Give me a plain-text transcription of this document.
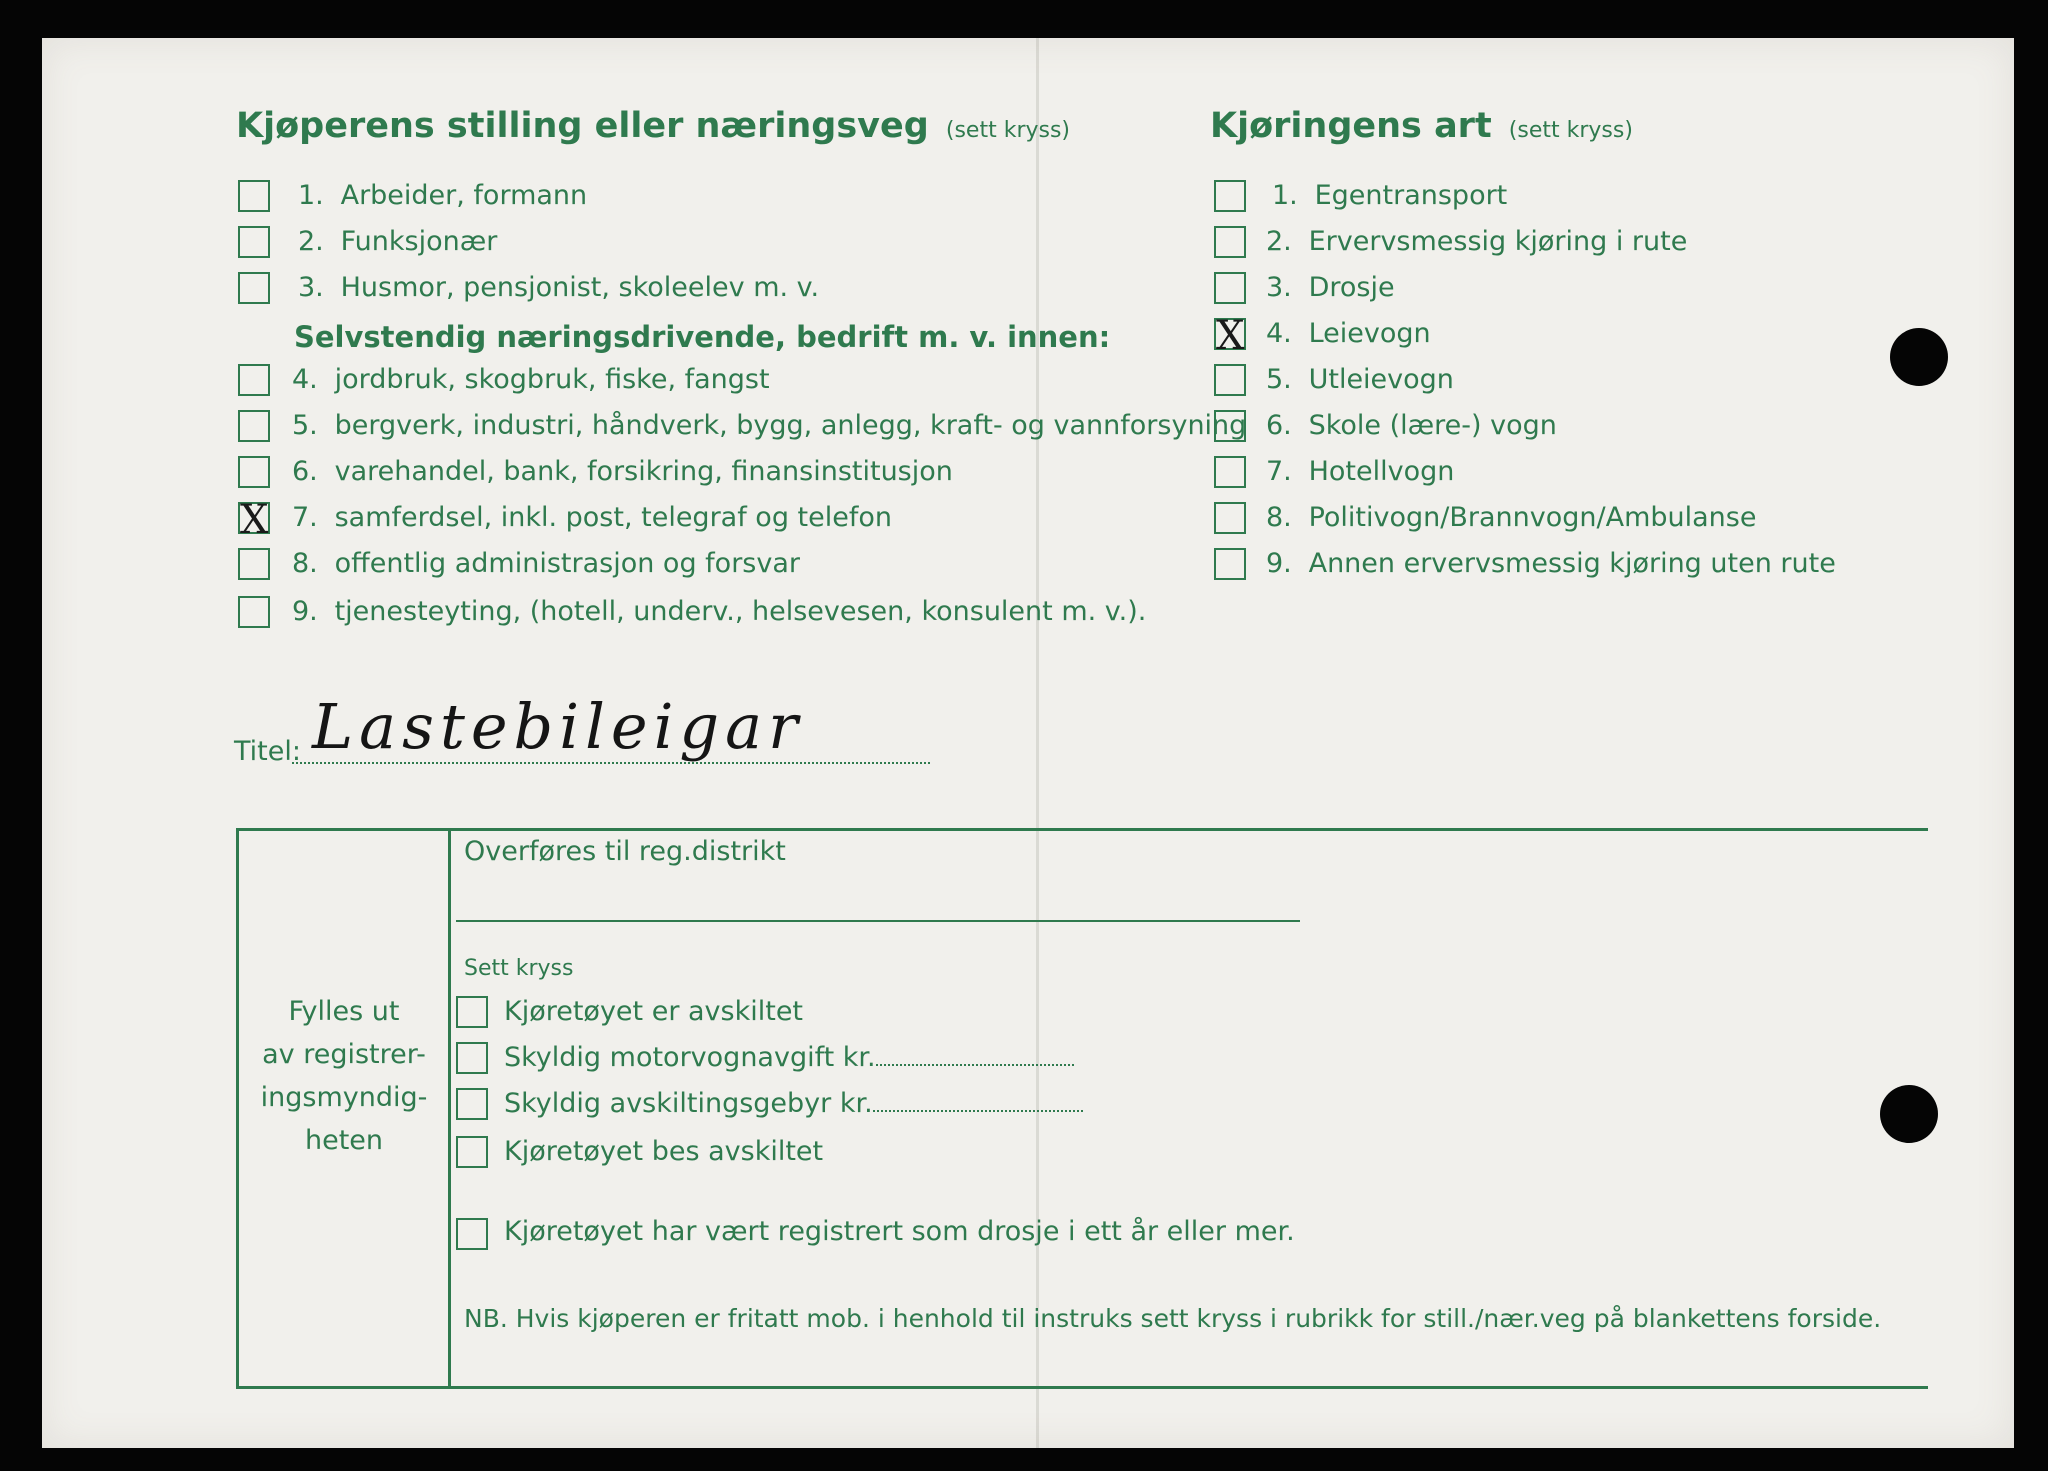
Kjøperens stilling eller næringsveg (sett kryss)
1. Arbeider, formann
2. Funksjonær
3. Husmor, pensjonist, skoleelev m. v.
Selvstendig næringsdrivende, bedrift m. v. innen:
4. jordbruk, skogbruk, fiske, fangst
5. bergverk, industri, håndverk, bygg, anlegg, kraft- og vannforsyning
6. varehandel, bank, forsikring, finansinstitusjon
X 7. samferdsel, inkl. post, telegraf og telefon
8. offentlig administrasjon og forsvar
9. tjenesteyting, (hotell, underv., helsevesen, konsulent m. v.).
Kjøringens art (sett kryss)
1. Egentransport
2. Ervervsmessig kjøring i rute
3. Drosje
X 4. Leievogn
5. Utleievogn
6. Skole (lære-) vogn
7. Hotellvogn
8. Politivogn/Brannvogn/Ambulanse
9. Annen ervervsmessig kjøring uten rute
Titel: Lastebileigar
Fylles ut
av registrer-
ingsmyndig-
heten
Overføres til reg.distrikt
Sett kryss
Kjøretøyet er avskiltet
Skyldig motorvognavgift kr.
Skyldig avskiltingsgebyr kr.
Kjøretøyet bes avskiltet
Kjøretøyet har vært registrert som drosje i ett år eller mer.
NB. Hvis kjøperen er fritatt mob. i henhold til instruks sett kryss i rubrikk for still./nær.veg på blankettens forside.
